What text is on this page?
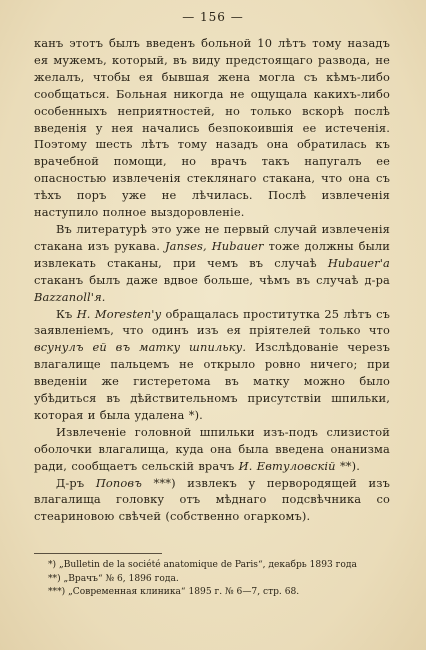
— 156 —

канъ этотъ былъ введенъ больной 10 лѣтъ тому назадъ ея мужемъ, который, въ виду предстоящаго развода, не желалъ, чтобы ея бывшая жена могла съ кѣмъ-либо сообщаться. Больная никогда не ощущала какихъ-либо особенныхъ неприятностей, но только вскорѣ послѣ введенія у нея начались безпокоившія ее истеченія. Поэтому шесть лѣтъ тому назадъ она обратилась къ врачебной помощи, но врачъ такъ напугалъ ее опасностью извлеченія стеклянаго стакана, что она съ тѣхъ поръ уже не лѣчилась. Послѣ извлеченія наступило полное выздоровленіе.

Въ литературѣ это уже не первый случай извлеченія стакана изъ рукава. Janses, Hubauer тоже должны были извлекать стаканы, при чемъ въ случаѣ Hubauer'a стаканъ былъ даже вдвое больше, чѣмъ въ случаѣ д-ра Bazzanoll'я.

Къ H. Moresten'y обращалась проститутка 25 лѣтъ съ заявленіемъ, что одинъ изъ ея пріятелей только что всунулъ ей въ матку шпильку. Изслѣдованіе черезъ влагалище пальцемъ не открыло ровно ничего; при введеніи же гистеретома въ матку можно было убѣдиться въ дѣйствительномъ присутствіи шпильки, которая и была удалена *).

Извлеченіе головной шпильки изъ-подъ слизистой оболочки влагалища, куда она была введена онанизма ради, сообщаетъ сельскій врачъ И. Евтуловскій **).

Д-ръ Поповъ ***) извлекъ у первородящей изъ влагалища головку отъ мѣднаго подсвѣчника со стеариновою свѣчей (собственно огаркомъ).

*) „Bulletin de la société anatomique de Paris“, декабрь 1893 года
**) „Врачъ“ № 6, 1896 года.
***) „Современная клиника“ 1895 г. № 6—7, стр. 68.
